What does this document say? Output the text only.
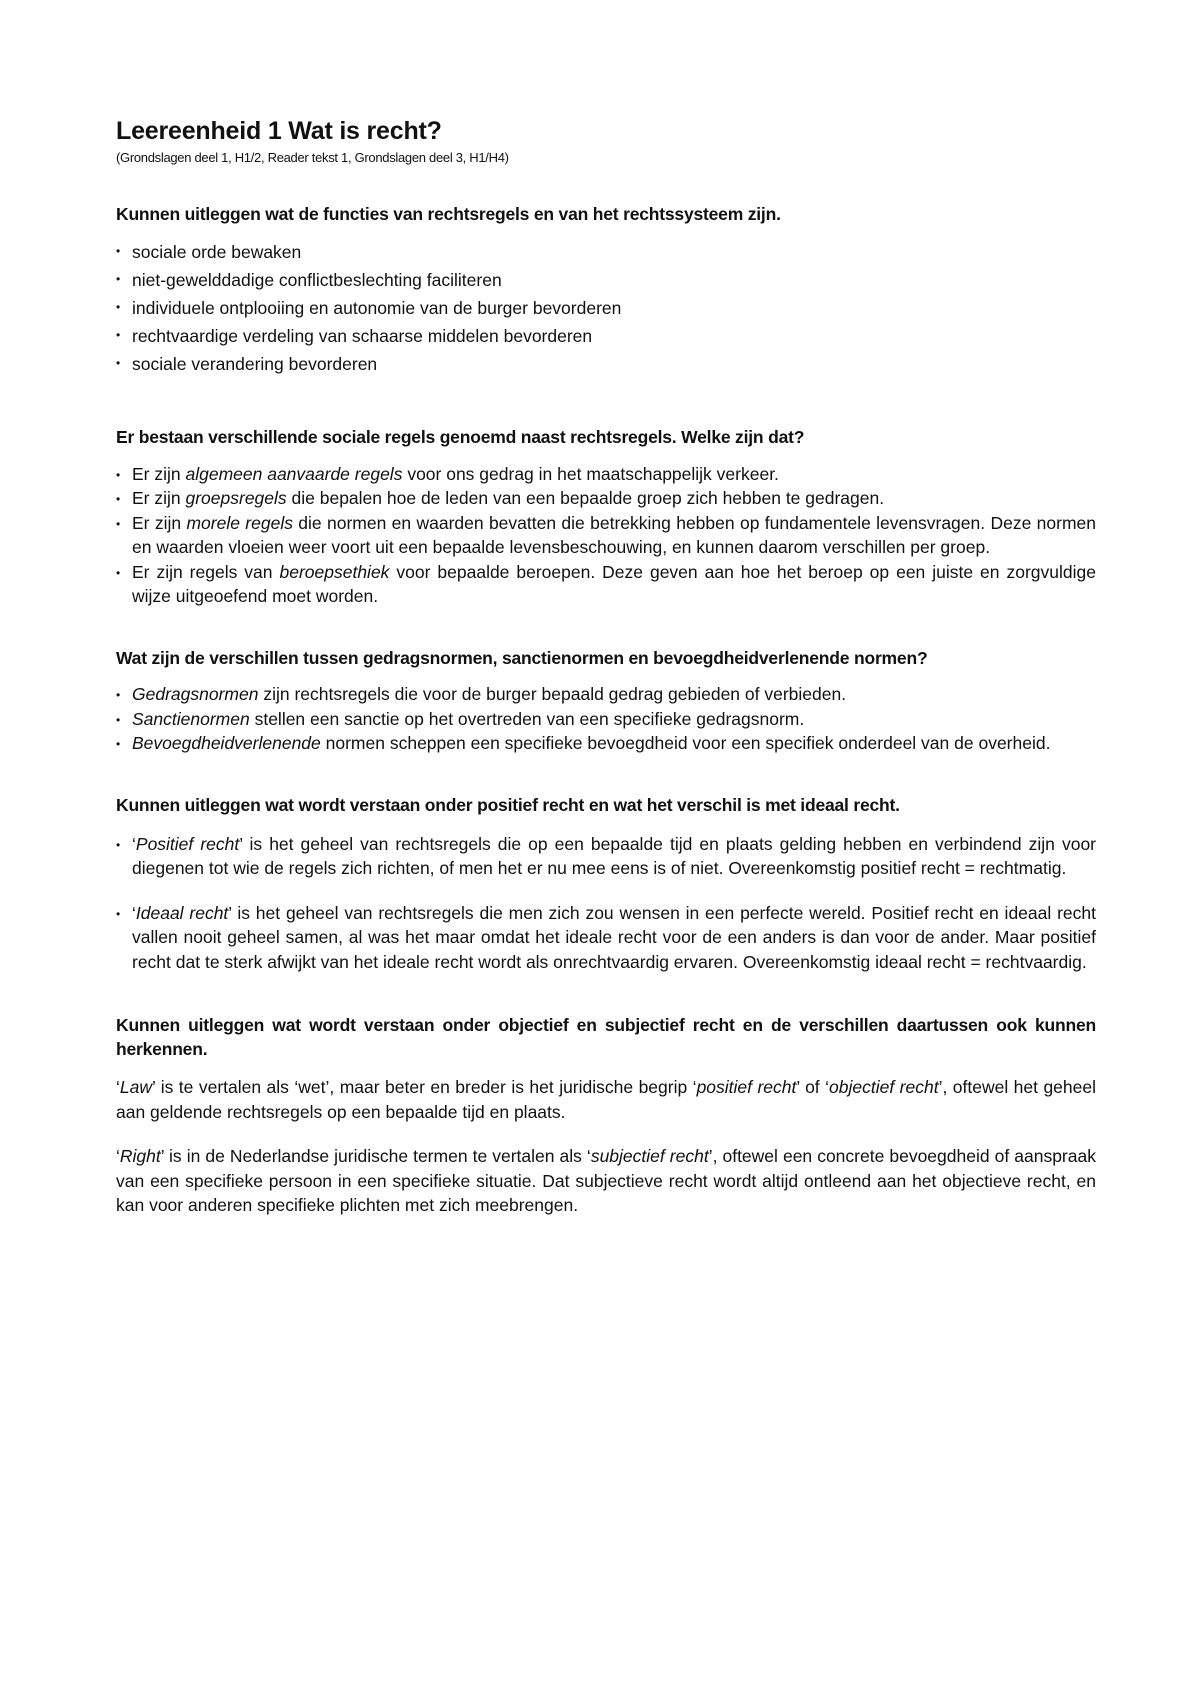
Leereenheid 1 Wat is recht?
(Grondslagen deel 1, H1/2, Reader tekst 1, Grondslagen deel 3, H1/H4)
Kunnen uitleggen wat de functies van rechtsregels en van het rechtssysteem zijn.
• sociale orde bewaken
• niet-gewelddadige conflictbeslechting faciliteren
• individuele ontplooiing en autonomie van de burger bevorderen
• rechtvaardige verdeling van schaarse middelen bevorderen
• sociale verandering bevorderen
Er bestaan verschillende sociale regels genoemd naast rechtsregels. Welke zijn dat?
• Er zijn algemeen aanvaarde regels voor ons gedrag in het maatschappelijk verkeer.
• Er zijn groepsregels die bepalen hoe de leden van een bepaalde groep zich hebben te gedragen.
• Er zijn morele regels die normen en waarden bevatten die betrekking hebben op fundamentele levensvragen. Deze normen en waarden vloeien weer voort uit een bepaalde levensbeschouwing, en kunnen daarom verschillen per groep.
• Er zijn regels van beroepsethiek voor bepaalde beroepen. Deze geven aan hoe het beroep op een juiste en zorgvuldige wijze uitgeoefend moet worden.
Wat zijn de verschillen tussen gedragsnormen, sanctienormen en bevoegdheidverlenende normen?
• Gedragsnormen zijn rechtsregels die voor de burger bepaald gedrag gebieden of verbieden.
• Sanctienormen stellen een sanctie op het overtreden van een specifieke gedragsnorm.
• Bevoegdheidverlenende normen scheppen een specifieke bevoegdheid voor een specifiek onderdeel van de overheid.
Kunnen uitleggen wat wordt verstaan onder positief recht en wat het verschil is met ideaal recht.
• ‘Positief recht’ is het geheel van rechtsregels die op een bepaalde tijd en plaats gelding hebben en verbindend zijn voor diegenen tot wie de regels zich richten, of men het er nu mee eens is of niet. Overeenkomstig positief recht = rechtmatig.
• ‘Ideaal recht’ is het geheel van rechtsregels die men zich zou wensen in een perfecte wereld. Positief recht en ideaal recht vallen nooit geheel samen, al was het maar omdat het ideale recht voor de een anders is dan voor de ander. Maar positief recht dat te sterk afwijkt van het ideale recht wordt als onrechtvaardig ervaren. Overeenkomstig ideaal recht = rechtvaardig.
Kunnen uitleggen wat wordt verstaan onder objectief en subjectief recht en de verschillen daartussen ook kunnen herkennen.

‘Law’ is te vertalen als ‘wet’, maar beter en breder is het juridische begrip ‘positief recht’ of ‘objectief recht’, oftewel het geheel aan geldende rechtsregels op een bepaalde tijd en plaats.

‘Right’ is in de Nederlandse juridische termen te vertalen als ‘subjectief recht’, oftewel een concrete bevoegdheid of aanspraak van een specifieke persoon in een specifieke situatie. Dat subjectieve recht wordt altijd ontleend aan het objectieve recht, en kan voor anderen specifieke plichten met zich meebrengen.
